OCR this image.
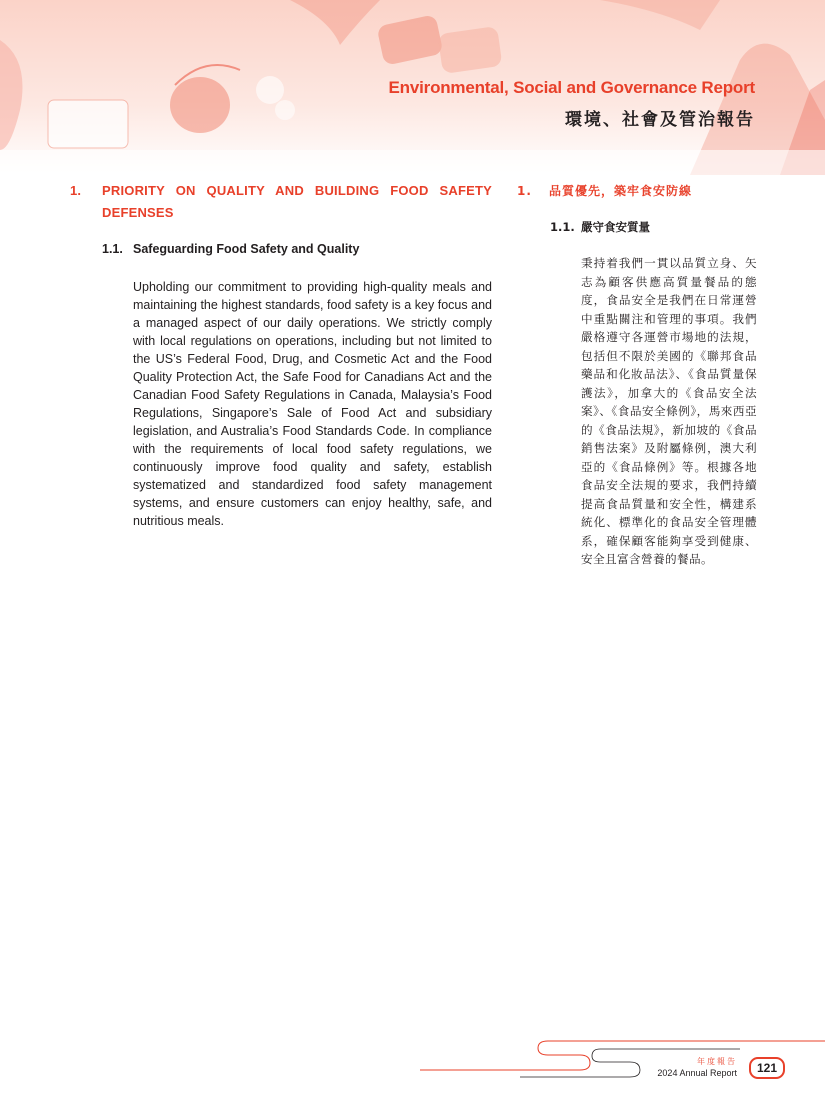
Environmental, Social and Governance Report
環境、社會及管治報告
1.	PRIORITY ON QUALITY AND BUILDING FOOD SAFETY DEFENSES
1.1. Safeguarding Food Safety and Quality

Upholding our commitment to providing high-quality meals and maintaining the highest standards, food safety is a key focus and a managed aspect of our daily operations. We strictly comply with local regulations on operations, including but not limited to the US’s Federal Food, Drug, and Cosmetic Act and the Food Quality Protection Act, the Safe Food for Canadians Act and the Canadian Food Safety Regulations in Canada, Malaysia’s Food Regulations, Singapore’s Sale of Food Act and subsidiary legislation, and Australia’s Food Standards Code. In compliance with the requirements of local food safety regulations, we continuously improve food quality and safety, establish systematized and standardized food safety management systems, and ensure customers can enjoy healthy, safe, and nutritious meals.

1.	品質優先，築牢食安防線
1.1. 嚴守食安質量

秉持着我們一貫以品質立身、矢志為顧客供應高質量餐品的態度，食品安全是我們在日常運營中重點關注和管理的事項。我們嚴格遵守各運營市場地的法規，包括但不限於美國的《聯邦食品藥品和化妝品法》、《食品質量保護法》，加拿大的《食品安全法案》、《食品安全條例》，馬來西亞的《食品法規》，新加坡的《食品銷售法案》及附屬條例，澳大利亞的《食品條例》等。根據各地食品安全法規的要求，我們持續提高食品質量和安全性，構建系統化、標準化的食品安全管理體系，確保顧客能夠享受到健康、安全且富含營養的餐品。

年度報告
2024 Annual Report	121
